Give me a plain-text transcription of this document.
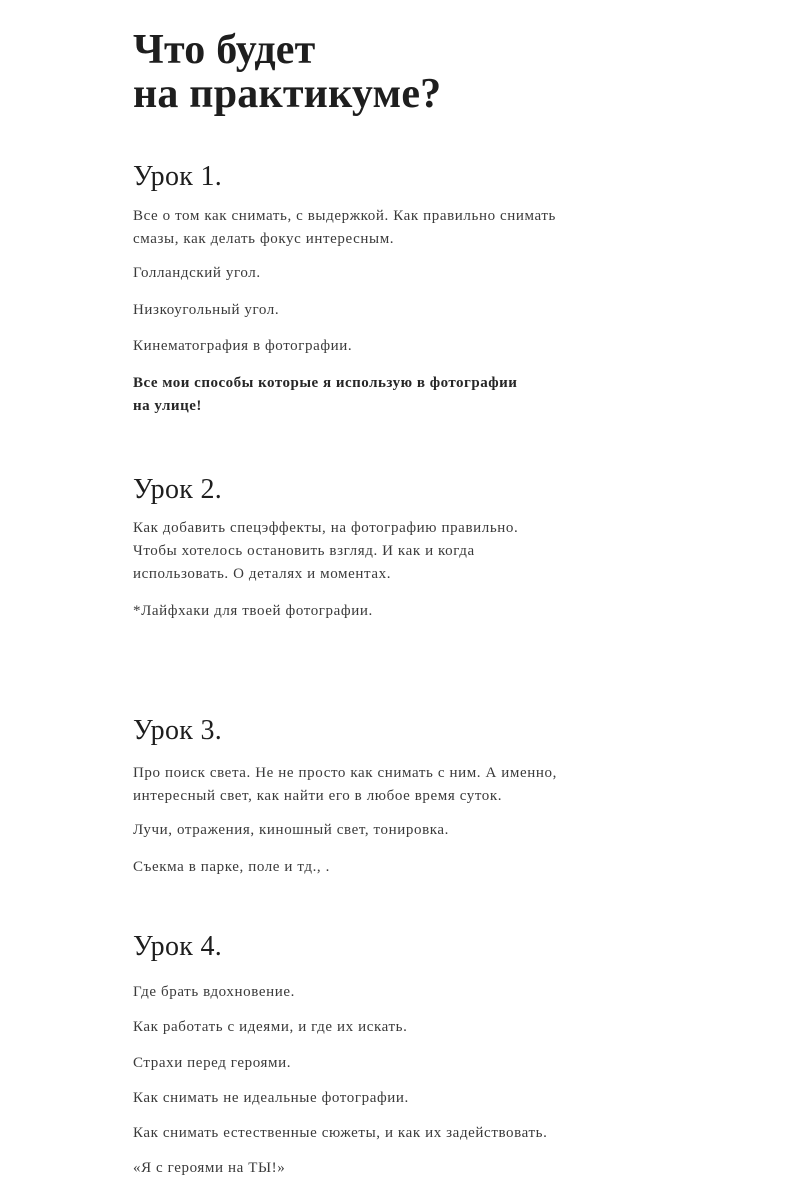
Что будет
на практикуме?
Урок 1.

Все о том как снимать, с выдержкой. Как правильно снимать
смазы, как делать фокус интересным.

Голландский угол.

Низкоугольный угол.

Кинематография в фотографии.

Все мои способы которые я использую в фотографии
на улице!

Урок 2.

Как добавить спецэффекты, на фотографию правильно.
Чтобы хотелось остановить взгляд. И как и когда
использовать. О деталях и моментах.

*Лайфхаки для твоей фотографии.

Урок 3.

Про поиск света. Не не просто как снимать с ним. А именно,
интересный свет, как найти его в любое время суток.

Лучи, отражения, киношный свет, тонировка.

Съекма в парке, поле и тд., .

Урок 4.

Где брать вдохновение.

Как работать с идеями, и где их искать.

Страхи перед героями.

Как снимать не идеальные фотографии.

Как снимать естественные сюжеты, и как их задействовать.

«Я с героями на ТЫ!»
